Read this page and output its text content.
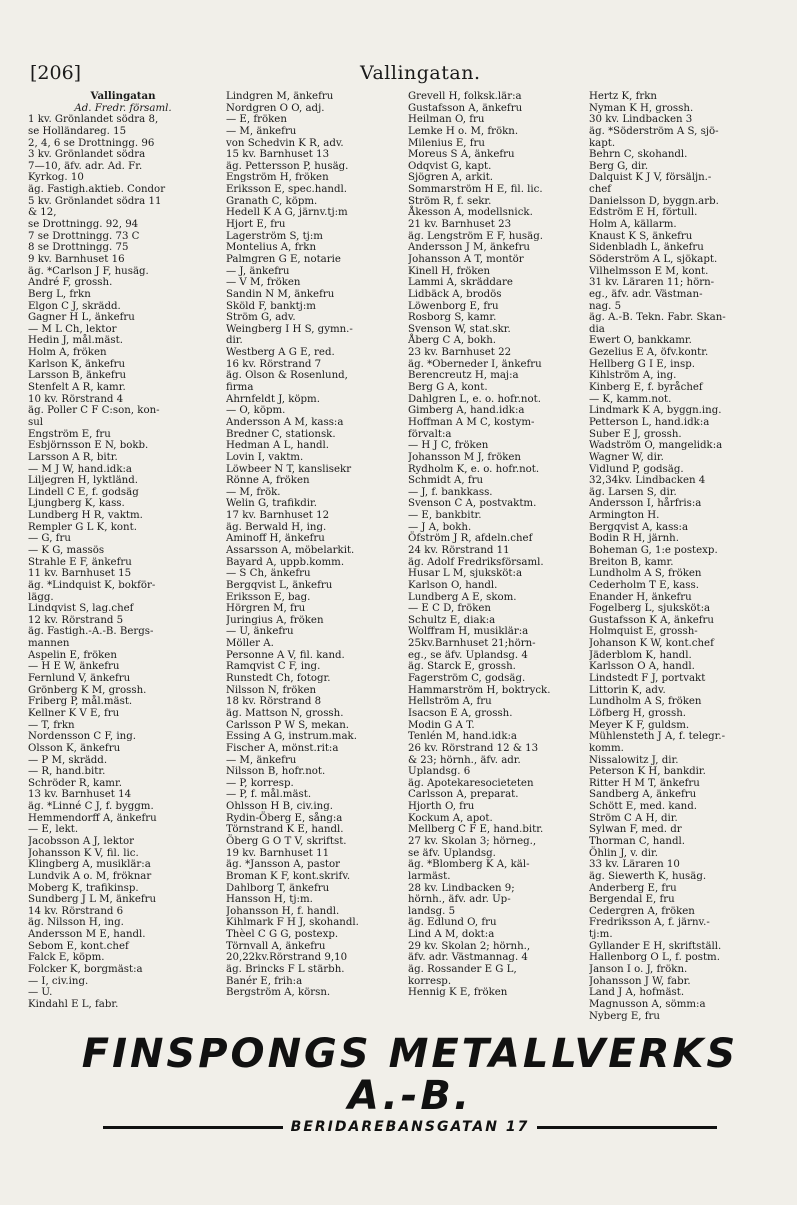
[206]	Vallingatan.
Vallingatan
Ad. Fredr. församl.
1 kv. Grönlandet södra 8,
se Holländareg. 15
2, 4, 6 se Drottningg. 96
3 kv. Grönlandet södra
7—10, äfv. adr. Ad. Fr.
Kyrkog. 10
äg. Fastigh.aktieb. Condor
5 kv. Grönlandet södra 11
& 12,
se Drottningg. 92, 94
7 se Drottningg. 73 C
8 se Drottningg. 75
9 kv. Barnhuset 16
äg. *Carlson J F, husäg.
André F, grossh.
Berg L, frkn
Elgon C J, skrädd.
Gagner H L, änkefru
— M L Ch, lektor
Hedin J, mål.mäst.
Holm A, fröken
Karlson K, änkefru
Larsson B, änkefru
Stenfelt A R, kamr.
10 kv. Rörstrand 4
äg. Poller C F C:son, kon-
sul
Engström E, fru
Esbjörnsson E N, bokb.
Larsson A R, bitr.
— M J W, hand.idk:a
Liljegren H, lyktländ.
Lindell C E, f. godsäg
Ljungberg K, kass.
Lundberg H R, vaktm.
Rempler G L K, kont.
— G, fru
— K G, massös
Strahle E F, änkefru
11 kv. Barnhuset 15
äg. *Lindquist K, bokför-
lägg.
Lindqvist S, lag.chef
12 kv. Rörstrand 5
äg. Fastigh.-A.-B. Bergs-
mannen
Aspelin E, fröken
— H E W, änkefru
Fernlund V, änkefru
Grönberg K M, grossh.
Friberg P, mål.mäst.
Kellner K V E, fru
— T, frkn
Nordensson C F, ing.
Olsson K, änkefru
— P M, skrädd.
— R, hand.bitr.
Schröder R, kamr.
13 kv. Barnhuset 14
äg. *Linné C J, f. byggm.
Hemmendorff A, änkefru
— E, lekt.
Jacobsson A J, lektor
Johansson K V, fil. lic.
Klingberg A, musiklär:a
Lundvik A o. M, fröknar
Moberg K, trafikinsp.
Sundberg J L M, änkefru
14 kv. Rörstrand 6
äg. Nilsson H, ing.
Andersson M E, handl.
Sebom E, kont.chef
Falck E, köpm.
Folcker K, borgmäst:a
— I, civ.ing.
— U.
Kindahl E L, fabr.
Lindgren M, änkefru
Nordgren O O, adj.
— E, fröken
— M, änkefru
von Schedvin K R, adv.
15 kv. Barnhuset 13
äg. Pettersson P, husäg.
Engström H, fröken
Eriksson E, spec.handl.
Granath C, köpm.
Hedell K A G, järnv.tj:m
Hjort E, fru
Lagerström S, tj:m
Montelius A, frkn
Palmgren G E, notarie
— J, änkefru
— V M, fröken
Sandin N M, änkefru
Sköld F, banktj:m
Ström G, adv.
Weingberg I H S, gymn.-
dir.
Westberg A G E, red.
16 kv. Rörstrand 7
äg. Olson & Rosenlund,
firma
Ahrnfeldt J, köpm.
— O, köpm.
Andersson A M, kass:a
Bredner C, stationsk.
Hedman A L, handl.
Lovin I, vaktm.
Löwbeer N T, kanslisekr
Rönne A, fröken
— M, frök.
Welin G, trafikdir.
17 kv. Barnhuset 12
äg. Berwald H, ing.
Aminoff H, änkefru
Assarsson A, möbelarkit.
Bayard A, uppb.komm.
— S Ch, änkefru
Bergqvist L, änkefru
Eriksson E, bag.
Hörgren M, fru
Juringius A, fröken
— U, änkefru
Möller A.
Personne A V, fil. kand.
Ramqvist C F, ing.
Runstedt Ch, fotogr.
Nilsson N, fröken
18 kv. Rörstrand 8
äg. Mattson N, grossh.
Carlsson P W S, mekan.
Essing A G, instrum.mak.
Fischer A, mönst.rit:a
— M, änkefru
Nilsson B, hofr.not.
— P, korresp.
— P, f. mål.mäst.
Ohlsson H B, civ.ing.
Rydin-Öberg E, sång:a
Törnstrand K E, handl.
Öberg G O T V, skriftst.
19 kv. Barnhuset 11
äg. *Jansson A, pastor
Broman K F, kont.skrifv.
Dahlborg T, änkefru
Hansson H, tj:m.
Johansson H, f. handl.
Kihlmark F H J, skohandl.
Thèel C G G, postexp.
Törnvall A, änkefru
20,22kv.Rörstrand 9,10
äg. Brincks F L stärbh.
Banér E, frih:a
Bergström A, körsn.
Grevell H, folksk.lär:a
Gustafsson A, änkefru
Heilman O, fru
Lemke H o. M, frökn.
Milenius E, fru
Moreus S A, änkefru
Odqvist G, kapt.
Sjögren A, arkit.
Sommarström H E, fil. lic.
Ström R, f. sekr.
Åkesson A, modellsnick.
21 kv. Barnhuset 23
äg. Lengström E F, husäg.
Andersson J M, änkefru
Johansson A T, montör
Kinell H, fröken
Lammi A, skräddare
Lidbäck A, brodös
Löwenborg E, fru
Rosborg S, kamr.
Svenson W, stat.skr.
Åberg C A, bokh.
23 kv. Barnhuset 22
äg. *Oberneder I, änkefru
Berencreutz H, maj:a
Berg G A, kont.
Dahlgren L, e. o. hofr.not.
Gimberg A, hand.idk:a
Hoffman A M C, kostym-
förvalt:a
— H J C, fröken
Johansson M J, fröken
Rydholm K, e. o. hofr.not.
Schmidt A, fru
— J, f. bankkass.
Svenson C A, postvaktm.
— E, bankbitr.
— J A, bokh.
Öfström J R, afdeln.chef
24 kv. Rörstrand 11
äg. Adolf Fredriksförsaml.
Husar L M, sjuksköt:a
Karlson O, handl.
Lundberg A E, skom.
— E C D, fröken
Schultz E, diak:a
Wolffram H, musiklär:a
25kv.Barnhuset 21;hörn-
eg., se äfv. Uplandsg. 4
äg. Starck E, grossh.
Fagerström C, godsäg.
Hammarström H, boktryck.
Hellström A, fru
Isacson E A, grossh.
Modin G A T.
Tenlén M, hand.idk:a
26 kv. Rörstrand 12 & 13
& 23; hörnh., äfv. adr.
Uplandsg. 6
äg. Apotekaresocieteten
Carlsson A, preparat.
Hjorth O, fru
Kockum A, apot.
Mellberg C F E, hand.bitr.
27 kv. Skolan 3; hörneg.,
se äfv. Uplandsg.
äg. *Blomberg K A, käl-
larmäst.
28 kv. Lindbacken 9;
hörnh., äfv. adr. Up-
landsg. 5
äg. Edlund O, fru
Lind A M, dokt:a
29 kv. Skolan 2; hörnh.,
äfv. adr. Västmannag. 4
äg. Rossander E G L,
korresp.
Hennig K E, fröken
Hertz K, frkn
Nyman K H, grossh.
30 kv. Lindbacken 3
äg. *Söderström A S, sjö-
kapt.
Behrn C, skohandl.
Berg G, dir.
Dalquist K J V, försäljn.-
chef
Danielsson D, byggn.arb.
Edström E H, förtull.
Holm A, källarm.
Knaust K S, änkefru
Sidenbladh L, änkefru
Söderström A L, sjökapt.
Vilhelmsson E M, kont.
31 kv. Läraren 11; hörn-
eg., äfv. adr. Västman-
nag. 5
äg. A.-B. Tekn. Fabr. Skan-
dia
Ewert O, bankkamr.
Gezelius E A, öfv.kontr.
Hellberg G I E, insp.
Kihlström A, ing.
Kinberg E, f. byråchef
— K, kamm.not.
Lindmark K A, byggn.ing.
Petterson L, hand.idk:a
Suber E J, grossh.
Wadström O, mangelidk:a
Wagner W, dir.
Vidlund P, godsäg.
32,34kv. Lindbacken 4
äg. Larsen S, dir.
Andersson I, hårfris:a
Armington H.
Bergqvist A, kass:a
Bodin R H, järnh.
Boheman G, 1:e postexp.
Breiton B, kamr.
Lundholm A S, fröken
Cederholm T E, kass.
Enander H, änkefru
Fogelberg L, sjuksköt:a
Gustafsson K A, änkefru
Holmquist E, grossh-
Johanson K W, kont.chef
Jäderblom K, handl.
Karlsson O A, handl.
Lindstedt F J, portvakt
Littorin K, adv.
Lundholm A S, fröken
Löfberg H, grossh.
Meyer K F, guldsm.
Mühlensteth J A, f. telegr.-
komm.
Nissalowitz J, dir.
Peterson K H, bankdir.
Ritter H M T, änkefru
Sandberg A, änkefru
Schött E, med. kand.
Ström C A H, dir.
Sylwan F, med. dr
Thorman C, handl.
Öhlin J, v. dir.
33 kv. Läraren 10
äg. Siewerth K, husäg.
Anderberg E, fru
Bergendal E, fru
Cedergren A, fröken
Fredriksson A, f. järnv.-
tj:m.
Gyllander E H, skriftställ.
Hallenborg O L, f. postm.
Janson I o. J, frökn.
Johansson J W, fabr.
Land J A, hofmäst.
Magnusson A, sömm:a
Nyberg E, fru
FINSPONGS METALLVERKS A.-B.
BERIDAREBANSGATAN 17
